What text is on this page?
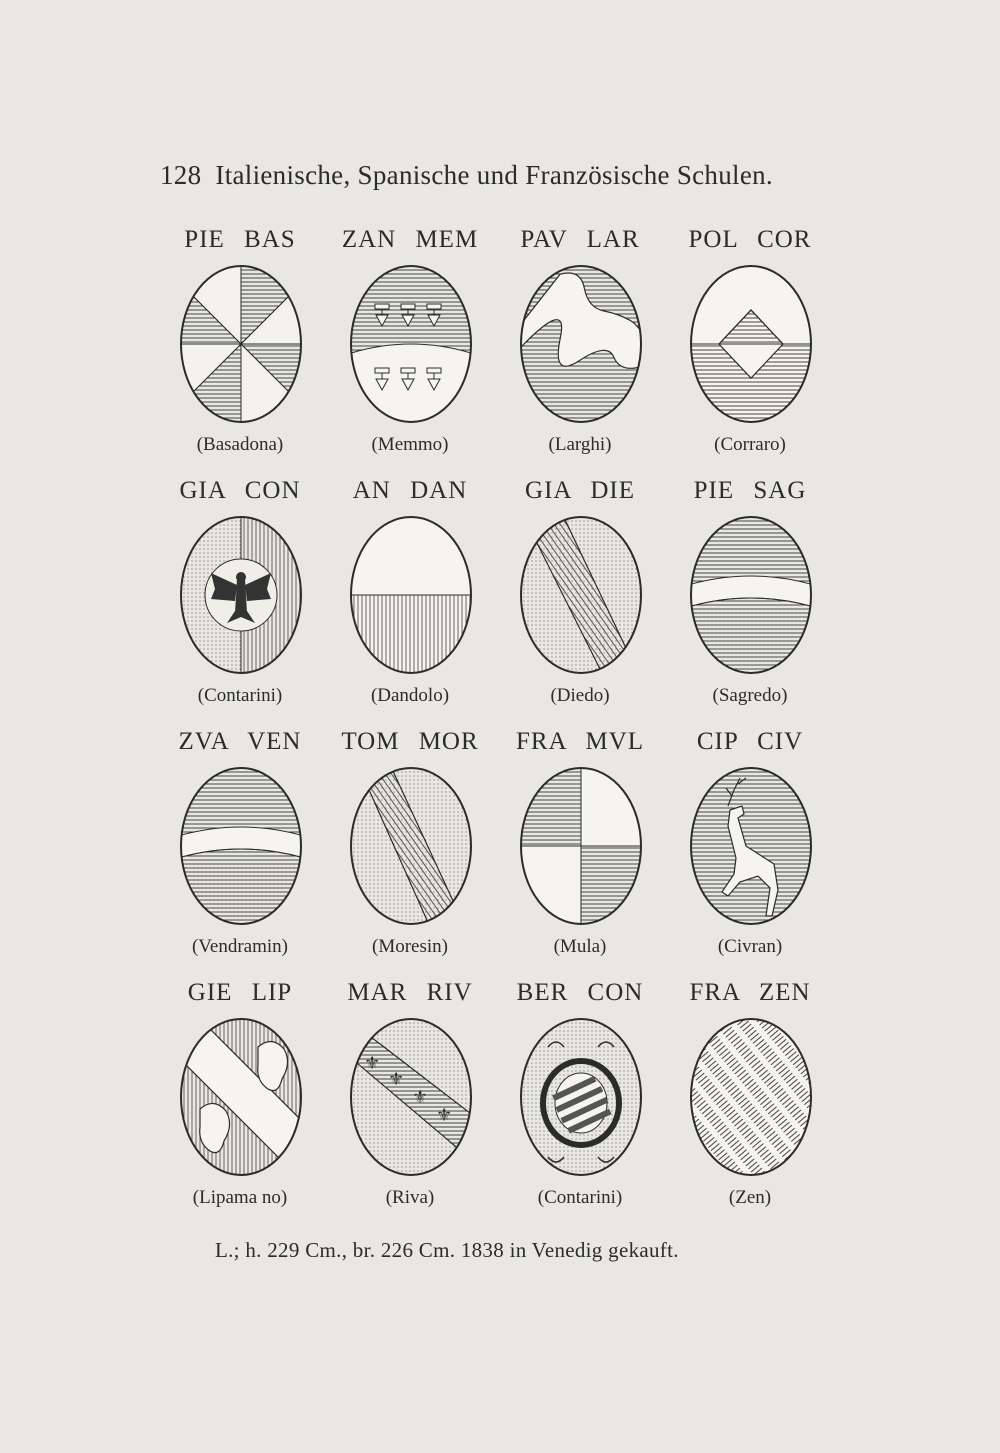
128 Italienische, Spanische und Französische Schulen.
PIE BAS
(Basadona)
ZAN MEM
(Memmo)
PAV LAR
(Larghi)
POL COR
(Corraro)
GIA CON
(Contarini)
AN DAN
(Dandolo)
GIA DIE
(Diedo)
PIE SAG
(Sagredo)
ZVA VEN
(Vendramin)
TOM MOR
(Moresin)
FRA MVL
(Mula)
CIP CIV
(Civran)
GIE LIP
(Lipama no)
MAR RIV
⚜
⚜
⚜
⚜
(Riva)
BER CON
(Contarini)
FRA ZEN
(Zen)
L.; h. 229 Cm., br. 226 Cm. 1838 in Venedig gekauft.
